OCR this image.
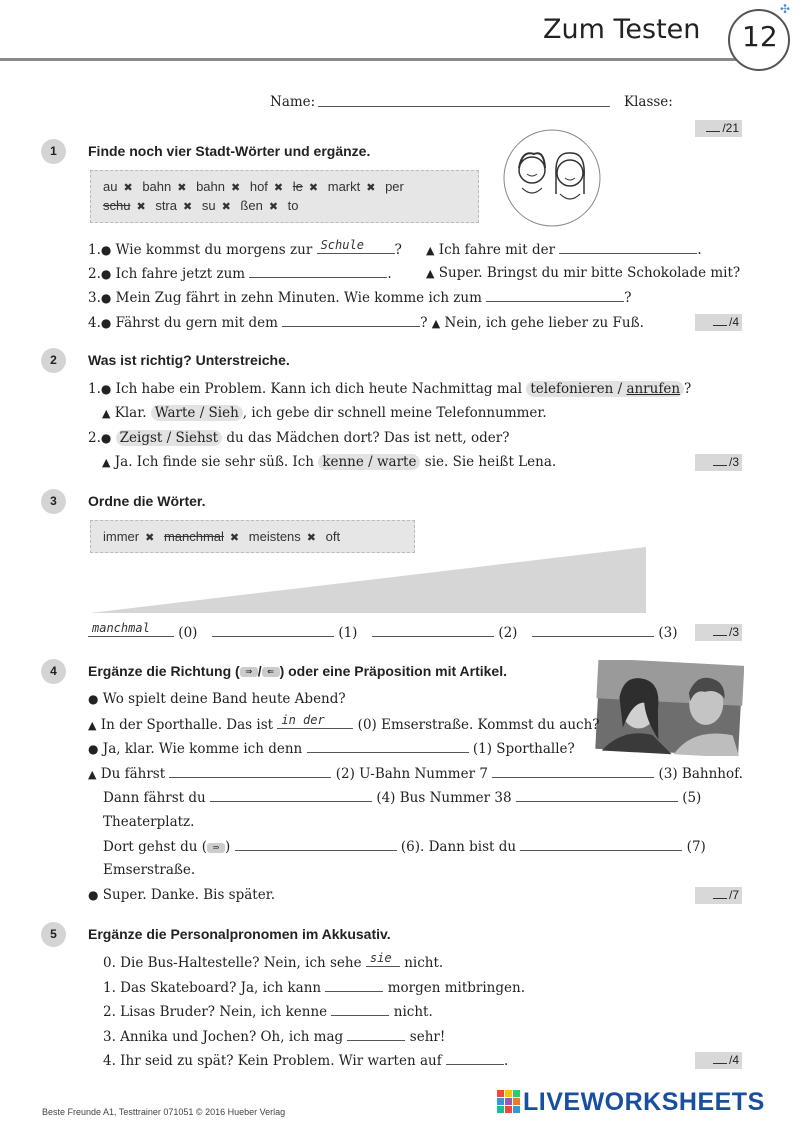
Zum Testen 12
✣
Name:
	Klasse:
/21
1	Finde noch vier Stadt-Wörter und ergänze.
au ✖ bahn ✖ bahn ✖ hof ✖ le ✖ markt ✖ per
schu ✖ stra ✖ su ✖ ßen ✖ to
1.● Wie kommst du morgens zur Schule ? ▲ Ich fahre mit der	.
2.● Ich fahre jetzt zum	.	▲ Super. Bringst du mir bitte Schokolade mit?
3.● Mein Zug fährt in zehn Minuten. Wie komme ich zum	?
4.● Fährst du gern mit dem	? ▲ Nein, ich gehe lieber zu Fuß.	/4
2	Was ist richtig? Unterstreiche.
1.● Ich habe ein Problem. Kann ich dich heute Nachmittag mal telefonieren / anrufen ?
▲ Klar. Warte / Sieh , ich gebe dir schnell meine Telefonnummer.
2.● Zeigst / Siehst du das Mädchen dort? Das ist nett, oder?
▲ Ja. Ich finde sie sehr süß. Ich kenne / warte sie. Sie heißt Lena.	/3
3	Ordne die Wörter.
immer ✖ manchmal ✖ meistens ✖ oft
manchmal (0)	(1)	(2)	(3)	/3
4	Ergänze die Richtung ( ⇒ / ⇐ ) oder eine Präposition mit Artikel.
● Wo spielt deine Band heute Abend?
▲ In der Sporthalle. Das ist in der (0) Emserstraße. Kommst du auch?
● Ja, klar. Wie komme ich denn	(1) Sporthalle?
▲ Du fährst	(2) U-Bahn Nummer 7	(3) Bahnhof.
Dann fährst du	(4) Bus Nummer 38	(5)
Theaterplatz.
Dort gehst du ( ⇒ )	(6). Dann bist du	(7)
Emserstraße.
● Super. Danke. Bis später.	/7
5	Ergänze die Personalpronomen im Akkusativ.
0. Die Bus-Haltestelle? Nein, ich sehe sie nicht.
1. Das Skateboard? Ja, ich kann	morgen mitbringen.
2. Lisas Bruder? Nein, ich kenne	nicht.
3. Annika und Jochen? Oh, ich mag	sehr!
4. Ihr seid zu spät? Kein Problem. Wir warten auf	.	/4
Beste Freunde A1, Testtrainer 071051 © 2016 Hueber Verlag	LIVEWORKSHEETS
